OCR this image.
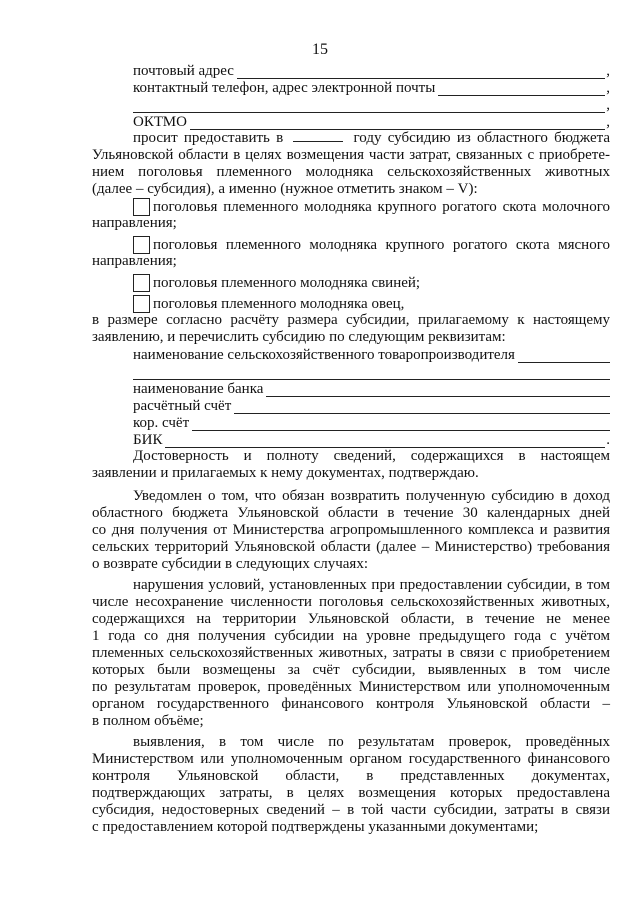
15
почтовый адрес	,
контактный телефон, адрес электронной почты	,
,
ОКТМО	,
просит предоставить в	году субсидию из областного бюджета
Ульяновской области в целях возмещения части затрат, связанных с приобрете-
нием поголовья племенного молодняка сельскохозяйственных животных
(далее – субсидия), а именно (нужное отметить знаком – V):
поголовья племенного молодняка крупного рогатого скота молочного
направления;
поголовья племенного молодняка крупного рогатого скота мясного
направления;
поголовья племенного молодняка свиней;
поголовья племенного молодняка овец,
в размере согласно расчёту размера субсидии, прилагаемому к настоящему
заявлению, и перечислить субсидию по следующим реквизитам:
наименование сельскохозяйственного товаропроизводителя
наименование банка
расчётный счёт
кор. счёт
БИК	.
Достоверность и полноту сведений, содержащихся в настоящем
заявлении и прилагаемых к нему документах, подтверждаю.
Уведомлен о том, что обязан возвратить полученную субсидию в доход
областного бюджета Ульяновской области в течение 30 календарных дней
со дня получения от Министерства агропромышленного комплекса и развития
сельских территорий Ульяновской области (далее – Министерство) требования
о возврате субсидии в следующих случаях:
нарушения условий, установленных при предоставлении субсидии, в том
числе несохранение численности поголовья сельскохозяйственных животных,
содержащихся на территории Ульяновской области, в течение не менее
1 года со дня получения субсидии на уровне предыдущего года с учётом
племенных сельскохозяйственных животных, затраты в связи с приобретением
которых были возмещены за счёт субсидии, выявленных в том числе
по результатам проверок, проведённых Министерством или уполномоченным
органом государственного финансового контроля Ульяновской области –
в полном объёме;
выявления, в том числе по результатам проверок, проведённых
Министерством или уполномоченным органом государственного финансового
контроля Ульяновской области, в представленных документах,
подтверждающих затраты, в целях возмещения которых предоставлена
субсидия, недостоверных сведений – в той части субсидии, затраты в связи
с предоставлением которой подтверждены указанными документами;
